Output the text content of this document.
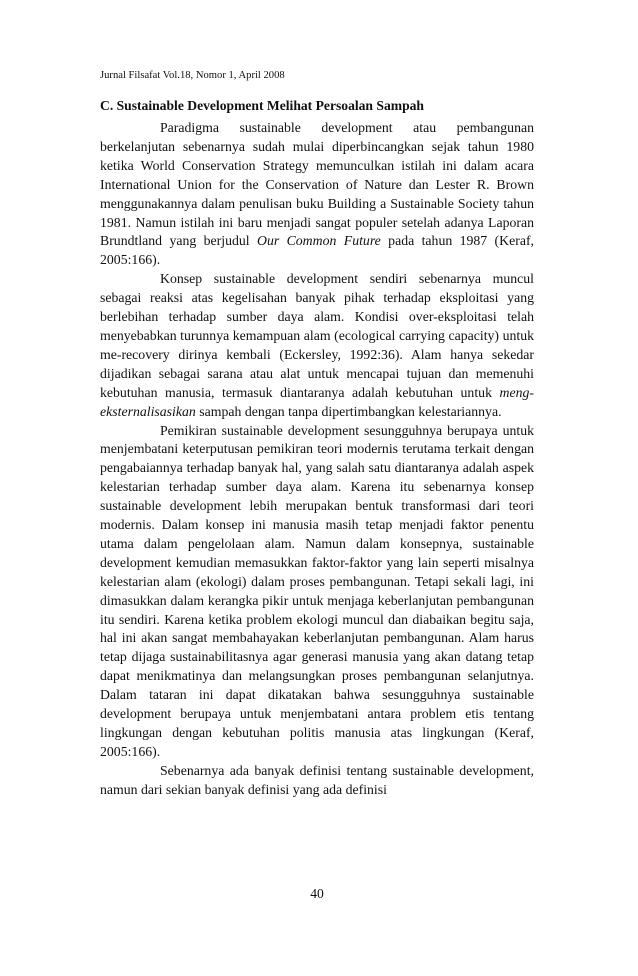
Jurnal Filsafat Vol.18, Nomor 1, April 2008
C. Sustainable Development Melihat Persoalan Sampah

Paradigma sustainable development atau pembangunan berkelanjutan sebenarnya sudah mulai diperbincangkan sejak tahun 1980 ketika World Conservation Strategy memunculkan istilah ini dalam acara International Union for the Conservation of Nature dan Lester R. Brown menggunakannya dalam penulisan buku Building a Sustainable Society tahun 1981. Namun istilah ini baru menjadi sangat populer setelah adanya Laporan Brundtland yang berjudul Our Common Future pada tahun 1987 (Keraf, 2005:166).

Konsep sustainable development sendiri sebenarnya muncul sebagai reaksi atas kegelisahan banyak pihak terhadap eksploitasi yang berlebihan terhadap sumber daya alam. Kondisi over-eksploitasi telah menyebabkan turunnya kemampuan alam (ecological carrying capacity) untuk me-recovery dirinya kembali (Eckersley, 1992:36). Alam hanya sekedar dijadikan sebagai sarana atau alat untuk mencapai tujuan dan memenuhi kebutuhan manusia, termasuk diantaranya adalah kebutuhan untuk meng-eksternalisasikan sampah dengan tanpa dipertimbangkan kelestariannya.

Pemikiran sustainable development sesungguhnya berupaya untuk menjembatani keterputusan pemikiran teori modernis terutama terkait dengan pengabaiannya terhadap banyak hal, yang salah satu diantaranya adalah aspek kelestarian terhadap sumber daya alam. Karena itu sebenarnya konsep sustainable development lebih merupakan bentuk transformasi dari teori modernis. Dalam konsep ini manusia masih tetap menjadi faktor penentu utama dalam pengelolaan alam. Namun dalam konsepnya, sustainable development kemudian memasukkan faktor-faktor yang lain seperti misalnya kelestarian alam (ekologi) dalam proses pembangunan. Tetapi sekali lagi, ini dimasukkan dalam kerangka pikir untuk menjaga keberlanjutan pembangunan itu sendiri. Karena ketika problem ekologi muncul dan diabaikan begitu saja, hal ini akan sangat membahayakan keberlanjutan pembangunan. Alam harus tetap dijaga sustainabilitasnya agar generasi manusia yang akan datang tetap dapat menikmatinya dan melangsungkan proses pembangunan selanjutnya. Dalam tataran ini dapat dikatakan bahwa sesungguhnya sustainable development berupaya untuk menjembatani antara problem etis tentang lingkungan dengan kebutuhan politis manusia atas lingkungan (Keraf, 2005:166).

Sebenarnya ada banyak definisi tentang sustainable development, namun dari sekian banyak definisi yang ada definisi

40
